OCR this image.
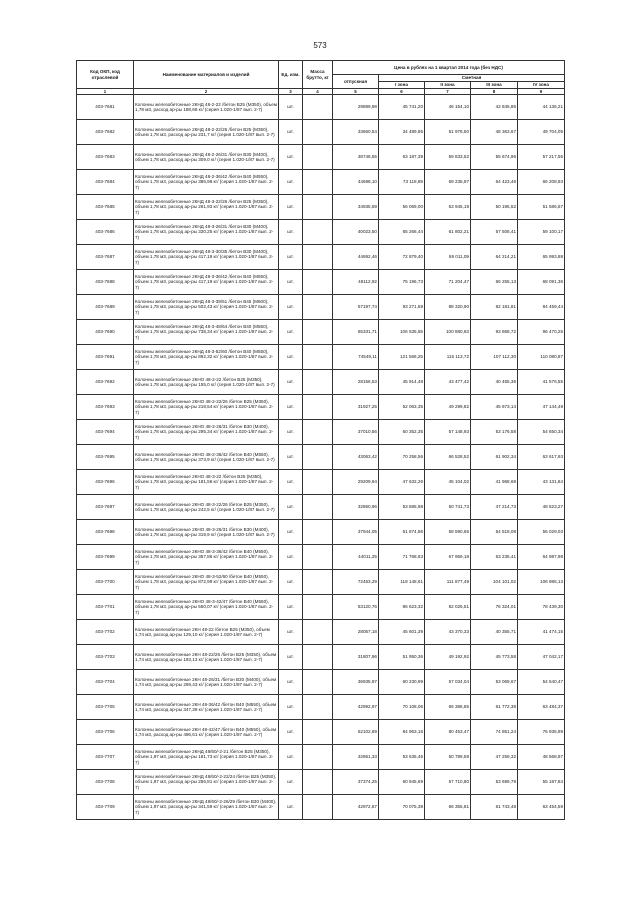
573
Код ОКП, код отраслевой	Наименование материалов и изделий	Ед. изм.	Масса брутто, кг	Цена в рублях на 1 квартал 2014 года (без НДС)				
				отпускная	Сметная			
					I зона	II зона	III зона	IV зона
1	2	3	4	5	6	7	8	9
403-7681	Колонны железобетонные 2КНД 48-2-22 /бетон B25 (M350), объем 1,78 м3, расход ар-ры 188,68 кг/ (серия 1.020-1/87 вып. 2-7)	шт.		29889,98	45 741,20	46 154,10	42 845,86	44 136,21
403-7682	Колонны железобетонные 2КНД 48-2-22/26 /бетон B25 (M350), объем 1,78 м3, расход ар-ры 231,7 кг/ (серия 1.020-1/87 вып. 2-7)	шт.		33660,54	34 489,95	51 978,50	48 363,67	49 704,05
403-7683	Колонны железобетонные 2КНД 48-2-26/31 /бетон B30 (M400), объем 1,78 м3, расход ар-ры 309,0 кг/ (серия 1.020-1/87 вып. 2-7)	шт.		38746,55	63 187,39	59 833,52	55 674,96	57 217,55
403-7684	Колонны железобетонные 2КНД 48-2-36/42 /бетон B40 (M550), объем 1,78 м3, расход ар-ры 386,96 кг/ (серия 1.020-1/87 вып. 2-7)	шт.		44698,10	73 118,89	69 235,97	64 423,46	66 208,93
403-7685	Колонны железобетонные 2КНД 48-3-22/26 /бетон B25 (M350), объем 1,78 м3, расход ар-ры 261,93 кг/ (серия 1.020-1/87 вып. 2-7)	шт.		34935,59	56 069,00	53 945,19	50 195,52	51 586,67
403-7686	Колонны железобетонные 2КНД 48-3-26/31 /бетон B30 (M400), объем 1,78 м3, расход ар-ры 330,25 кг/ (серия 1.020-1/87 вып. 2-7)	шт.		40023,50	65 266,44	61 802,21	57 506,41	59 100,17
403-7687	Колонны железобетонные 2КНД 48-3-30/35 /бетон B30 (M400), объем 1,78 м3, расход ар-ры 417,19 кг/ (серия 1.020-1/87 вып. 2-7)	шт.		44692,46	72 879,40	69 011,09	64 214,21	65 993,88
403-7688	Колонны железобетонные 2КНД 48-3-36/42 /бетон B40 (M550), объем 1,78 м3, расход ар-ры 417,19 кг/ (серия 1.020-1/87 вып. 2-7)	шт.		46112,92	75 196,73	71 204,47	66 255,13	68 091,36
403-7689	Колонны железобетонные 2КНД 48-3-39/51 /бетон B45 (M600), объем 1,78 м3, расход ар-ры 502,43 кг/ (серия 1.020-1/87 вып. 2-7)	шт.		57197,74	93 271,59	88 320,90	82 181,81	84 459,44
403-7690	Колонны железобетонные 2КНД 48-3-48/64 /бетон B40 (M550), объем 1,78 м3, расход ар-ры 738,34 кг/ (серия 1.020-1/87 вып. 2-7)	шт.		65331,71	106 535,55	100 880,83	93 868,72	96 470,25
403-7691	Колонны железобетонные 2КНД 48-3-52/60 /бетон B40 (M550), объем 1,78 м3, расход ар-ры 892,32 кг/ (серия 1.020-1/87 вып. 2-7)	шт.		74549,11	121 566,25	115 113,72	107 112,30	110 080,87
403-7692	Колонны железобетонные 2КНО 48-2-22 /бетон B25 (M350), объем 1,78 м3, расход ар-ры 155,0 кг/ (серия 1.020-1/87 вып. 2-7)	шт.		28156,53	45 914,48	43 477,42	40 455,36	41 576,55
403-7693	Колонны железобетонные 2КНО 48-2-22/26 /бетон B25 (M350), объем 1,78 м3, расход ар-ры 218,54 кг/ (серия 1.020-1/87 вып. 2-7)	шт.		31927,25	52 063,35	49 299,82	45 873,14	47 144,49
403-7694	Колонны железобетонные 2КНО 48-2-26/31 /бетон B30 (M400), объем 1,78 м3, расход ар-ры 295,34 кг/ (серия 1.020-1/87 вып. 2-7)	шт.		37010,56	60 352,35	57 148,93	53 176,58	54 650,34
403-7695	Колонны железобетонные 2КНО 48-2-36/42 /бетон B40 (M550), объем 1,78 м3, расход ар-ры 373,9 кг/ (серия 1.020-1/87 вып. 2-7)	шт.		43063,42	70 258,56	66 528,52	61 902,34	63 617,93
403-7696	Колонны железобетонные 2КНО 48-3-22 /бетон B25 (M350), объем 1,78 м3, расход ар-ры 181,56 кг/ (серия 1.020-1/87 вып. 2-7)	шт.		29209,94	47 632,26	45 104,02	41 968,69	43 131,84
403-7697	Колонны железобетонные 2КНО 48-3-22/26 /бетон B25 (M350), объем 1,78 м3, расход ар-ры 242,5 кг/ (серия 1.020-1/87 вып. 2-7)	шт.		32860,96	53 585,98	50 741,73	47 214,73	48 523,27
403-7698	Колонны железобетонные 2КНО 48-3-26/31 /бетон B30 (M400), объем 1,78 м3, расход ар-ры 319,9 кг/ (серия 1.020-1/87 вып. 2-7)	шт.		37944,05	61 874,86	58 590,65	54 518,08	56 029,03
403-7699	Колонны железобетонные 2КНО 48-3-36/42 /бетон B40 (M550), объем 1,78 м3, расход ар-ры 357,86 кг/ (серия 1.020-1/87 вып. 2-7)	шт.		44011,25	71 768,63	67 959,18	63 235,41	64 987,98
403-7700	Колонны железобетонные 2КНО 48-3-52/60 /бетон B40 (M550), объем 1,78 м3, расход ар-ры 872,99 кг/ (серия 1.020-1/87 вып. 2-7)	шт.		72453,29	118 148,61	111 877,49	104 101,02	106 986,13
403-7701	Колонны железобетонные 2КНО 48-3-42/47 /бетон B40 (M550), объем 1,78 м3, расход ар-ры 550,07 кг/ (серия 1.020-1/87 вып. 2-7)	шт.		53120,76	86 623,32	82 025,51	76 324,01	78 439,30
403-7702	Колонны железобетонные 2КН 48-22 /бетон B25 (M350), объем 1,74 м3, расход ар-ры 129,10 кг/ (серия 1.020-1/87 вып. 2-7)	шт.		28057,18	45 601,39	43 370,33	40 355,71	41 474,15
403-7703	Колонны железобетонные 2КН 48-22/26 /бетон B25 (M350), объем 1,74 м3, расход ар-ры 193,13 кг/ (серия 1.020-1/87 вып. 2-7)	шт.		31807,96	51 950,36	49 192,92	45 773,58	47 042,17
403-7704	Колонны железобетонные 2КН 48-26/31 /бетон B30 (M400), объем 1,74 м3, расход ар-ры 269,43 кг/ (серия 1.020-1/87 вып. 2-7)	шт.		36935,97	60 230,99	57 034,04	53 069,67	54 540,47
403-7705	Колонны железобетонные 2КН 48-36/42 /бетон B40 (M550), объем 1,74 м3, расход ар-ры 347,39 кг/ (серия 1.020-1/87 вып. 2-7)	шт.		42992,97	70 108,06	66 386,85	61 772,38	63 484,37
403-7706	Колонны железобетонные 2КН 48-42/47 /бетон B40 (M550), объем 1,74 м3, расход ар-ры 496,61 кг/ (серия 1.020-1/87 вып. 2-7)	шт.		52102,69	84 963,16	80 453,47	74 861,24	76 935,99
403-7707	Колонны железобетонные 2КНД 48/60/-2-21 /бетон B25 (M350), объем 1,97 м3, расход ар-ры 181,73 кг/ (серия 1.020-1/87 вып. 2-7)	шт.		32861,33	53 635,45	50 789,58	47 259,32	48 568,97
403-7708	Колонны железобетонные 2КНД 48/60/-2-22/24 /бетон B25 (M350), объем 1,97 м3, расход ар-ры 256,81 кг/ (серия 1.020-1/87 вып. 2-7)	шт.		37374,25	60 945,69	57 710,80	53 699,79	55 187,84
403-7709	Колонны железобетонные 2КНД 48/60/-2-26/29 /бетон B30 (M400), объем 1,97 м3, расход ар-ры 341,59 кг/ (серия 1.020-1/87 вып. 2-7)	шт.		42972,87	70 075,38	66 355,81	61 743,48	63 454,59
